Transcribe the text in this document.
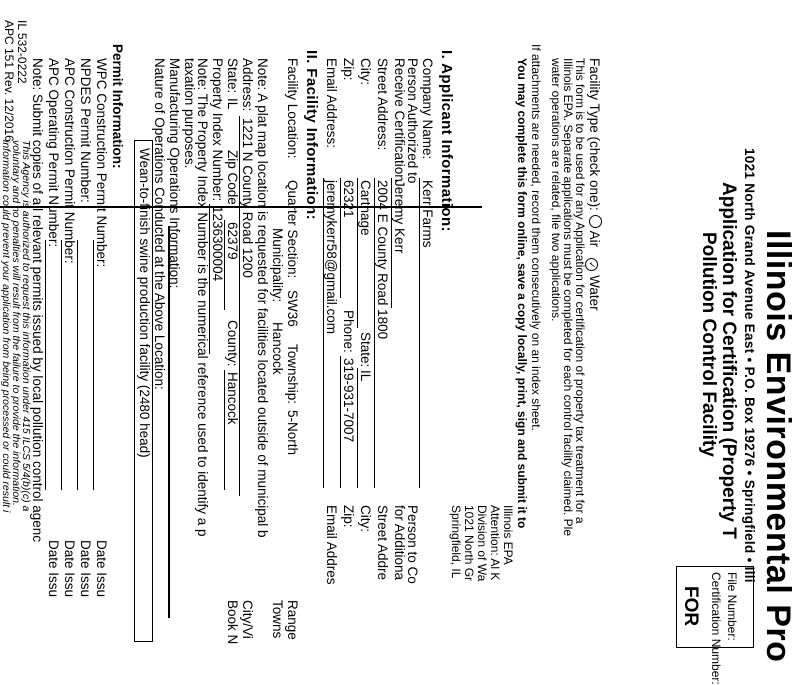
Illinois Environmental Pro
1021 North Grand Avenue East • P.O. Box 19276 • Springfield • Illi
Application for Certification (Property T
Pollution Control Facility
File Number:
Certification Number:
FOR
Facility Type (check one):  Air   ✓ Water
This form is to be used for any Application for certification of property tax treatment for a
Illinois EPA. Separate applications must be completed for each control facility claimed. Ple
water operations are related, file two applications.
If attachments are needed, record them consecutively on an index sheet.
You may complete this form online, save a copy locally, print, sign and submit it to
Illinois EPA
Attention: Al K
Division of Wa
1021 North Gr
Springfield, IL
I. Applicant Information:
Company Name:
Kerr Farms
Person Authorized to
Receive Certification
Jeremy Kerr
Person to Co
for Additiona
Street Address:
2004 E County Road 1800
Street Addre
City:
Carthage
State:
IL
City:
Zip:
62321
Phone:
319-931-7007
Zip:
Email Address:
jeremykerr58@gmail.com
Email Addres
II. Facility Information:
Facility Location:
Quarter Section:
SW36
Township:
5-North
Range
Municipality:
Hancock
Towns
Note: A plat map location is requested for facilities located outside of municipal b
Address:
1221 N County Road 1200
City/Vi
State:
IL
Zip Code:
62379
County:
Hancock
Book N
Property Index Number:
1236300004
Note: The Property Index Number is the numerical reference used to identify a p
taxation purposes.
Manufacturing Operations Information:
Nature of Operations Conducted at the Above Location:
Wean-to-finish swine production facility (2480 head)
Permit Information:
WPC Construction Permit Number:
Date Issu
NPDES Permit Number:
Date Issu
APC Construction Permit Number:
Date Issu
APC Operating Permit Number:
Date Issu
Note: Submit copies of all relevant permits issued by local pollution control agenc
IL 532-0222
APC 151 Rev. 12/2016
This Agency is authorized to request this information under 415 ILCS 5/4(b)(c) a
voluntary and no penalties will result from the failure to provide the information.
information could prevent your application from being processed or could result i
